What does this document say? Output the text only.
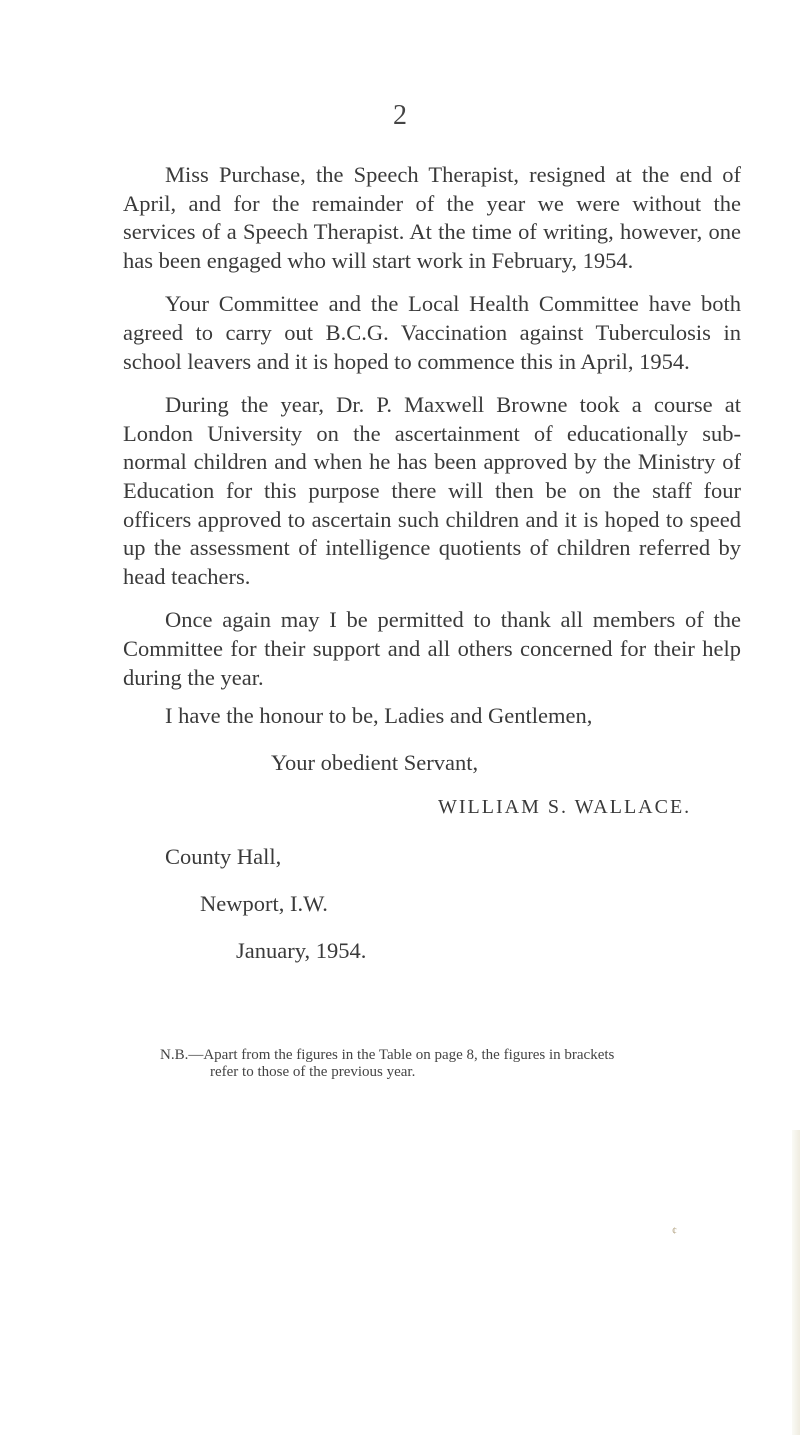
2

Miss Purchase, the Speech Therapist, resigned at the end of April, and for the remainder of the year we were without the services of a Speech Therapist. At the time of writing, however, one has been engaged who will start work in February, 1954.

Your Committee and the Local Health Committee have both agreed to carry out B.C.G. Vaccination against Tuberculosis in school leavers and it is hoped to commence this in April, 1954.

During the year, Dr. P. Maxwell Browne took a course at London University on the ascertainment of educationally sub-normal children and when he has been approved by the Ministry of Education for this purpose there will then be on the staff four officers approved to ascertain such children and it is hoped to speed up the assessment of intelligence quotients of children referred by head teachers.

Once again may I be permitted to thank all members of the Committee for their support and all others concerned for their help during the year.

I have the honour to be, Ladies and Gentlemen,
Your obedient Servant,
WILLIAM S. WALLACE.
County Hall,
Newport, I.W.
January, 1954.
N.B.—Apart from the figures in the Table on page 8, the figures in brackets
refer to those of the previous year.
¢
